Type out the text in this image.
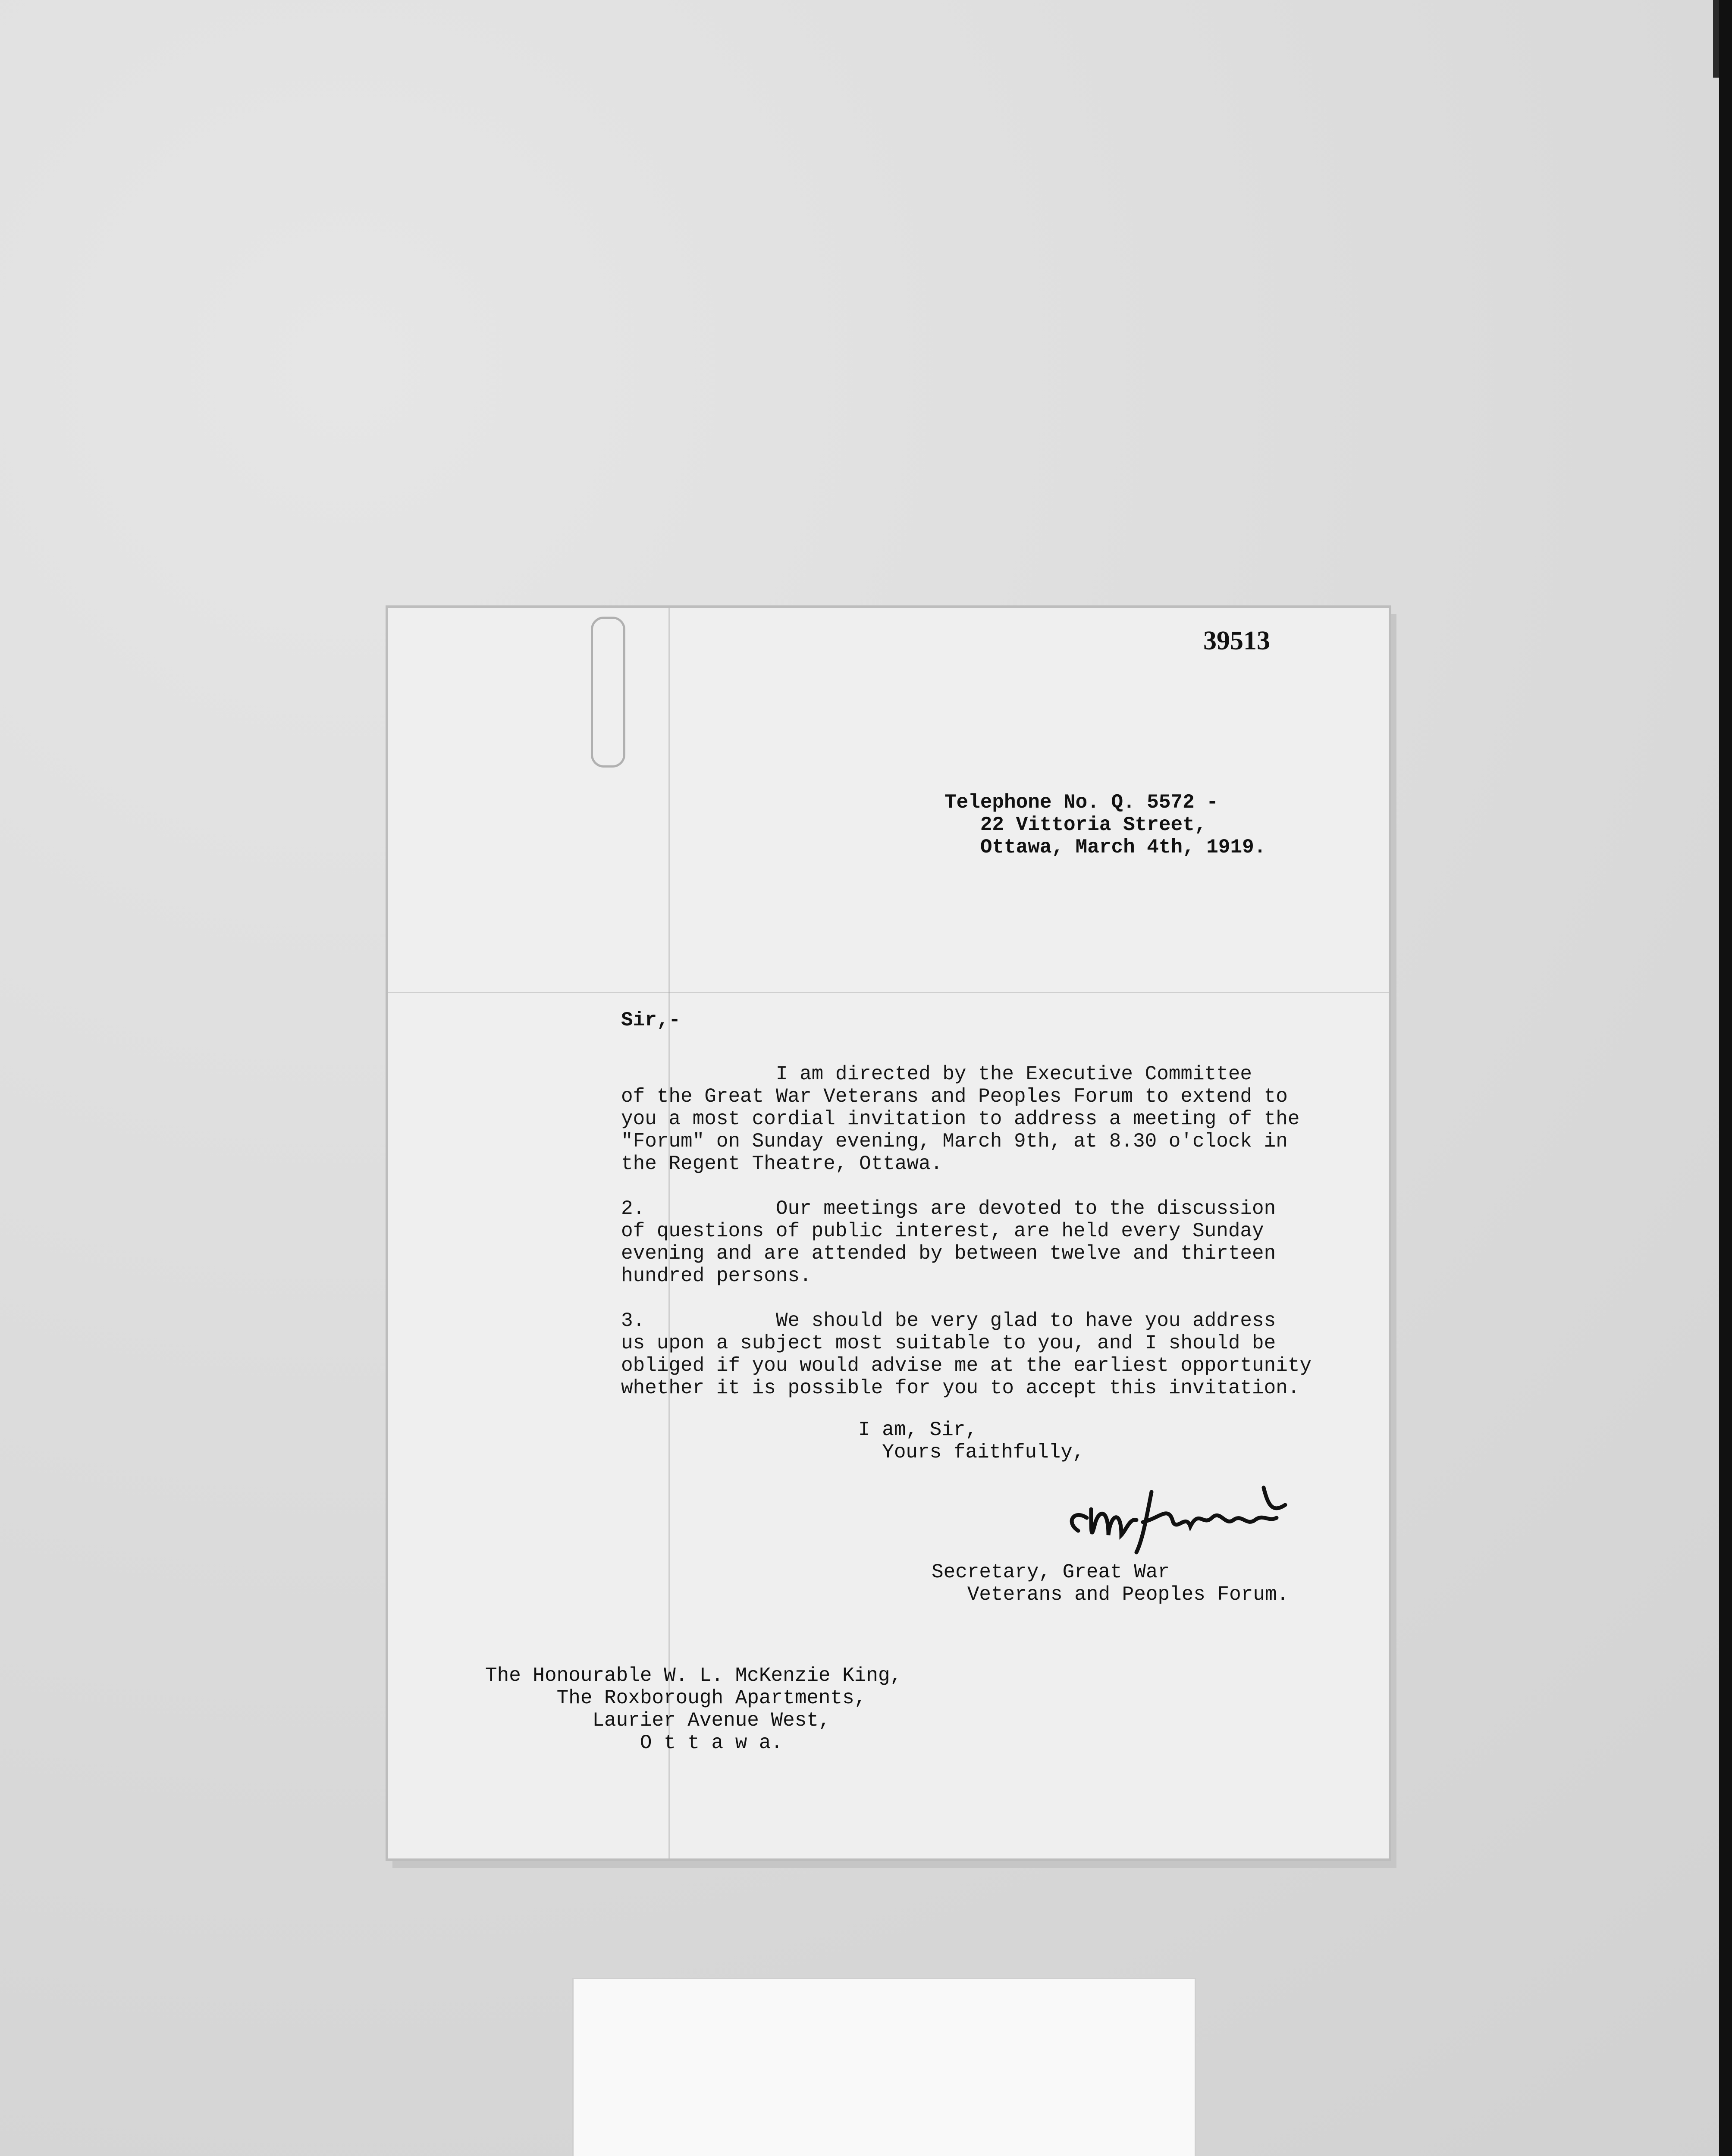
39513
Telephone No. Q. 5572 -
22 Vittoria Street,
Ottawa, March 4th, 1919.
Sir,-
I am directed by the Executive Committee
of the Great War Veterans and Peoples Forum to extend to
you a most cordial invitation to address a meeting of the
"Forum" on Sunday evening, March 9th, at 8.30 o'clock in
the Regent Theatre, Ottawa.

2.           Our meetings are devoted to the discussion
of questions of public interest, are held every Sunday
evening and are attended by between twelve and thirteen
hundred persons.

3.           We should be very glad to have you address
us upon a subject most suitable to you, and I should be
obliged if you would advise me at the earliest opportunity
whether it is possible for you to accept this invitation.
I am, Sir,
Yours faithfully,
Secretary, Great War
Veterans and Peoples Forum.
The Honourable W. L. McKenzie King,
The Roxborough Apartments,
Laurier Avenue West,
O t t a w a.
